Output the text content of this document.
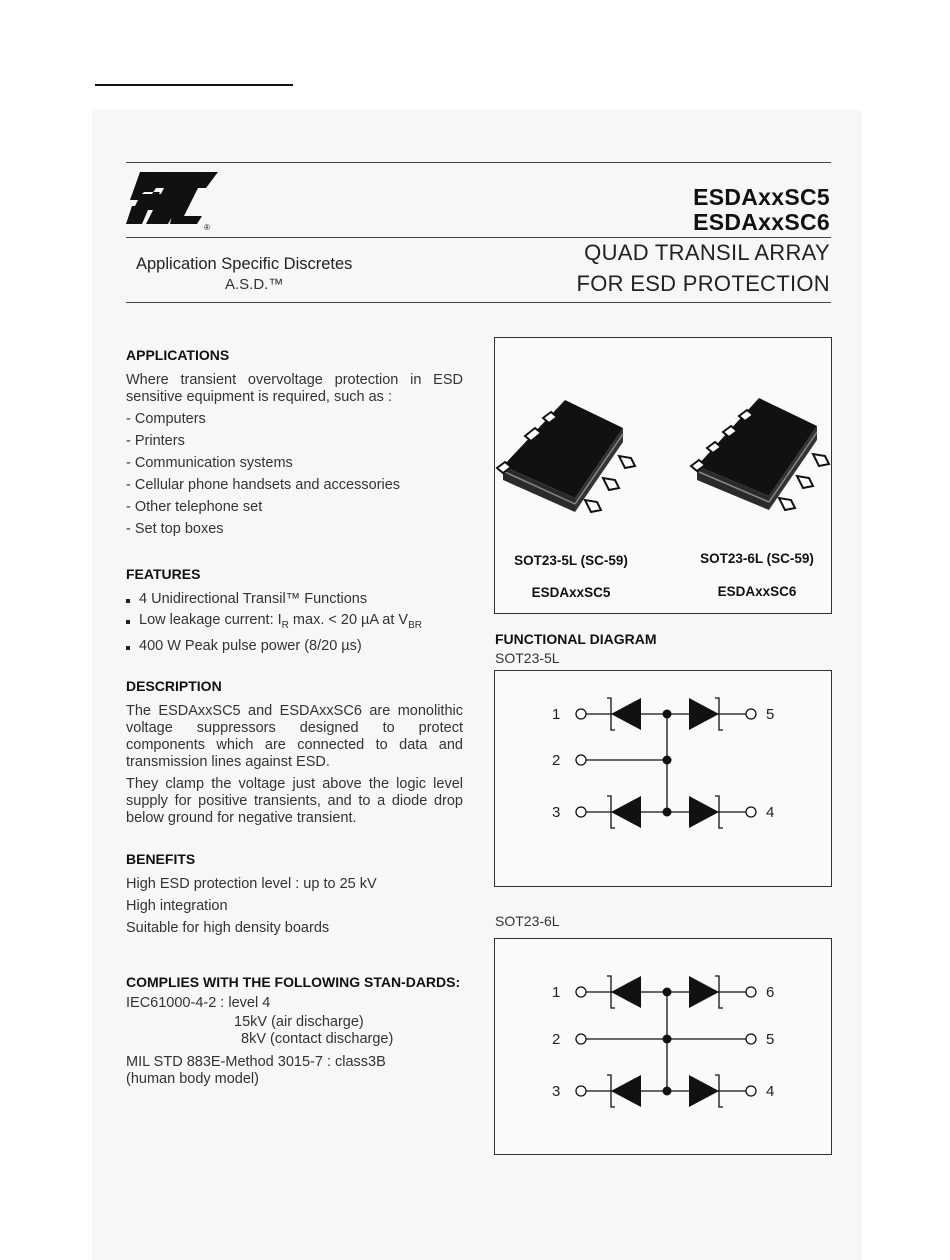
®
ESDAxxSC5
ESDAxxSC6
QUAD TRANSIL ARRAY
FOR ESD PROTECTION
Application Specific Discretes
A.S.D.™
APPLICATIONS
Where transient overvoltage protection in ESD sensitive equipment is required, such as :
- Computers
- Printers
- Communication systems
- Cellular phone handsets and accessories
- Other telephone set
- Set top boxes
FEATURES
4 Unidirectional Transil™ Functions
Low leakage current: $I_R$ max. < 20 µA at $V_{BR}$
400 W Peak pulse power (8/20 µs)
DESCRIPTION
The ESDAxxSC5 and ESDAxxSC6 are monolithic voltage suppressors designed to protect components which are connected to data and transmission lines against ESD.
They clamp the voltage just above the logic level supply for positive transients, and to a diode drop below ground for negative transient.
BENEFITS
High ESD protection level : up to 25 kV
High integration
Suitable for high density boards
COMPLIES WITH THE FOLLOWING STAN-DARDS:
IEC61000-4-2 : level 4
15kV (air discharge)
8kV (contact discharge)
MIL STD 883E-Method 3015-7 : class3B
(human body model)
SOT23-5L (SC-59)
ESDAxxSC5
SOT23-6L (SC-59)
ESDAxxSC6
FUNCTIONAL DIAGRAM
SOT23-5L
1
2
3
5
4
SOT23-6L
1
2
3
6
5
4
